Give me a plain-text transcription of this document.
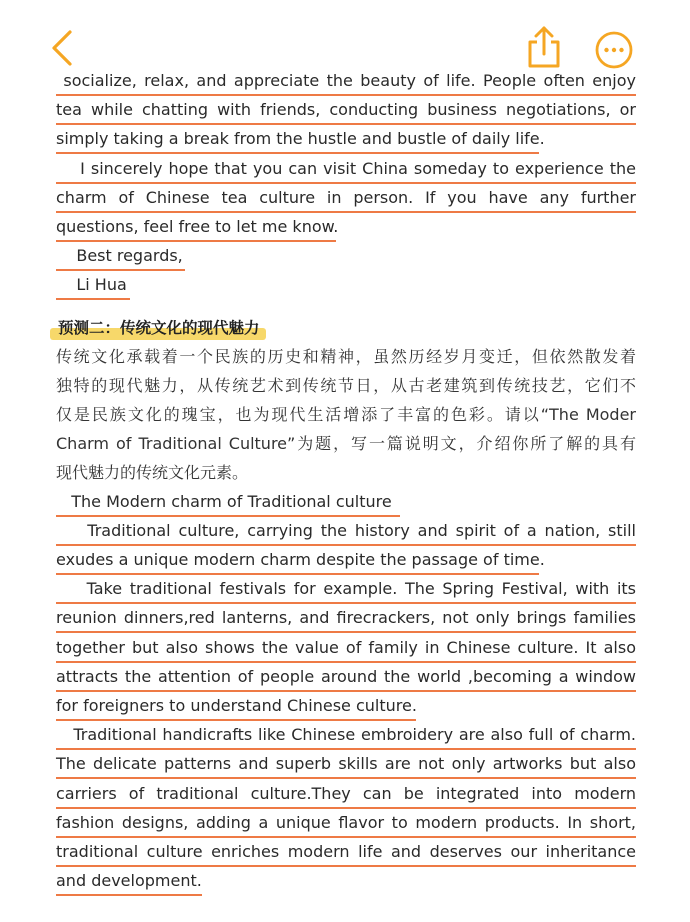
socialize, relax, and appreciate the beauty of life. People often enjoy
tea while chatting with friends, conducting business negotiations, or
simply taking a break from the hustle and bustle of daily life.
I sincerely hope that you can visit China someday to experience the
charm of Chinese tea culture in person. If you have any further
questions, feel free to let me know.
Best regards,
Li Hua
预测二：传统文化的现代魅力
传统文化承载着一个民族的历史和精神，虽然历经岁月变迁，但依然散发着
独特的现代魅力，从传统艺术到传统节日，从古老建筑到传统技艺，它们不
仅是民族文化的瑰宝，也为现代生活增添了丰富的色彩。请以“The Moder
Charm of Traditional Culture”为题，写一篇说明文，介绍你所了解的具有
现代魅力的传统文化元素。
The Modern charm of Traditional culture
Traditional culture, carrying the history and spirit of a nation, still
exudes a unique modern charm despite the passage of time.
Take traditional festivals for example. The Spring Festival, with its
reunion dinners,red lanterns, and firecrackers, not only brings families
together but also shows the value of family in Chinese culture. It also
attracts the attention of people around the world ,becoming a window
for foreigners to understand Chinese culture.
Traditional handicrafts like Chinese embroidery are also full of charm.
The delicate patterns and superb skills are not only artworks but also
carriers of traditional culture.They can be integrated into modern
fashion designs, adding a unique flavor to modern products. In short,
traditional culture enriches modern life and deserves our inheritance
and development.
